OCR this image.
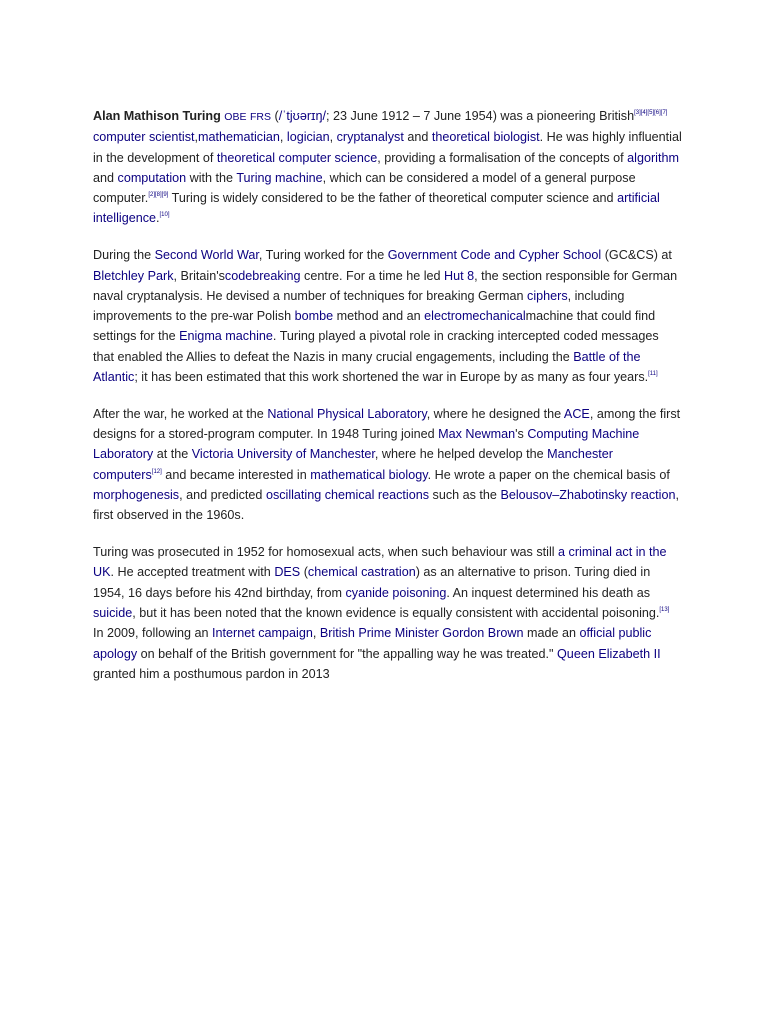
Alan Mathison Turing OBE FRS (/ˈtjʊərɪŋ/; 23 June 1912 – 7 June 1954) was a pioneering British[3][4][5][6][7] computer scientist,mathematician, logician, cryptanalyst and theoretical biologist. He was highly influential in the development of theoretical computer science, providing a formalisation of the concepts of algorithm and computation with the Turing machine, which can be considered a model of a general purpose computer.[2][8][9] Turing is widely considered to be the father of theoretical computer science and artificial intelligence.[10]

During the Second World War, Turing worked for the Government Code and Cypher School (GC&CS) at Bletchley Park, Britain'scodebreaking centre. For a time he led Hut 8, the section responsible for German naval cryptanalysis. He devised a number of techniques for breaking German ciphers, including improvements to the pre-war Polish bombe method and an electromechanicalmachine that could find settings for the Enigma machine. Turing played a pivotal role in cracking intercepted coded messages that enabled the Allies to defeat the Nazis in many crucial engagements, including the Battle of the Atlantic; it has been estimated that this work shortened the war in Europe by as many as four years.[11]

After the war, he worked at the National Physical Laboratory, where he designed the ACE, among the first designs for a stored-program computer. In 1948 Turing joined Max Newman's Computing Machine Laboratory at the Victoria University of Manchester, where he helped develop the Manchester computers[12] and became interested in mathematical biology. He wrote a paper on the chemical basis of morphogenesis, and predicted oscillating chemical reactions such as the Belousov–Zhabotinsky reaction, first observed in the 1960s.

Turing was prosecuted in 1952 for homosexual acts, when such behaviour was still a criminal act in the UK. He accepted treatment with DES (chemical castration) as an alternative to prison. Turing died in 1954, 16 days before his 42nd birthday, from cyanide poisoning. An inquest determined his death as suicide, but it has been noted that the known evidence is equally consistent with accidental poisoning.[13] In 2009, following an Internet campaign, British Prime Minister Gordon Brown made an official public apology on behalf of the British government for "the appalling way he was treated." Queen Elizabeth II granted him a posthumous pardon in 2013
